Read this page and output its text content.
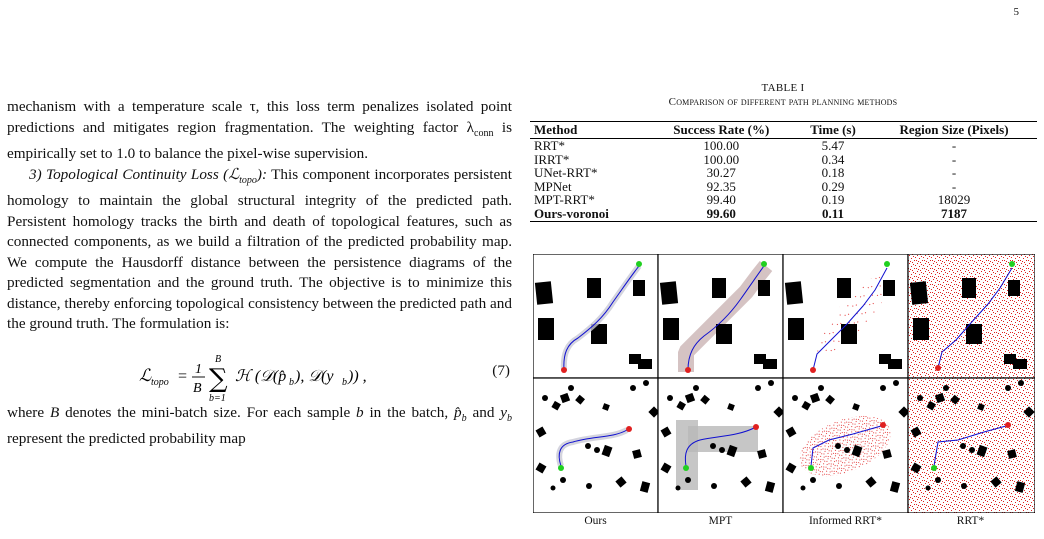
5

mechanism with a temperature scale τ, this loss term penalizes isolated point predictions and mitigates region fragmentation. The weighting factor $\lambda_{conn}$ is empirically set to 1.0 to balance the pixel-wise supervision.

3) Topological Continuity Loss (ℒ$_{topo}$): This component incorporates persistent homology to maintain the global structural integrity of the predicted path. Persistent homology tracks the birth and death of topological features, such as connected components, as we build a filtration of the predicted probability map. We compute the Hausdorff distance between the persistence diagrams of the predicted segmentation and the ground truth. The objective is to minimize this distance, thereby enforcing topological consistency between the predicted path and the ground truth. The formulation is:

ℒ topo = 1
B ∑
B
b=1
ℋ (𝒟(p̂ b ), 𝒟(y b )) ,	(7)

where B denotes the mini-batch size. For each sample b in the batch, $p̂_b$ and $y_b$ represent the predicted probability map

TABLE I
Comparison of different path planning methods
Method	Success Rate (%)	Time (s)	Region Size (Pixels)
RRT*	100.00	5.47	-
IRRT*	100.00	0.34	-
UNet-RRT*	30.27	0.18	-
MPNet	92.35	0.29	-
MPT-RRT*	99.40	0.19	18029
Ours-voronoi	99.60	0.11	7187
Ours	MPT	Informed RRT*	RRT*
